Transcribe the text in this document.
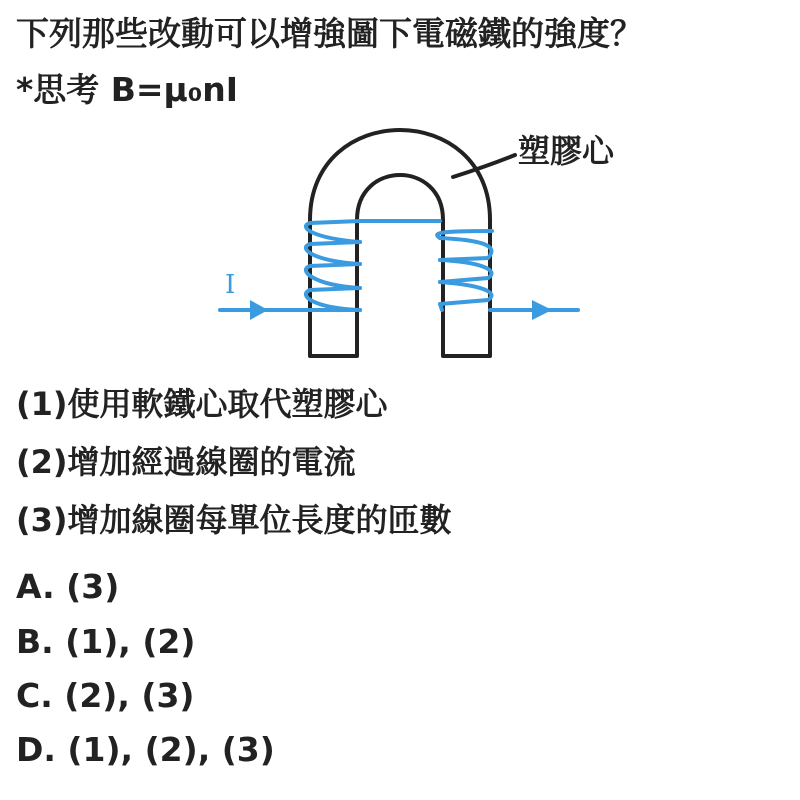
下列那些改動可以增強圖下電磁鐵的強度？
*思考 B=μ₀nI
塑膠心
I
(1)使用軟鐵心取代塑膠心
(2)增加經過線圈的電流
(3)增加線圈每單位長度的匝數
A. (3)
B. (1), (2)
C. (2), (3)
D. (1), (2), (3)
